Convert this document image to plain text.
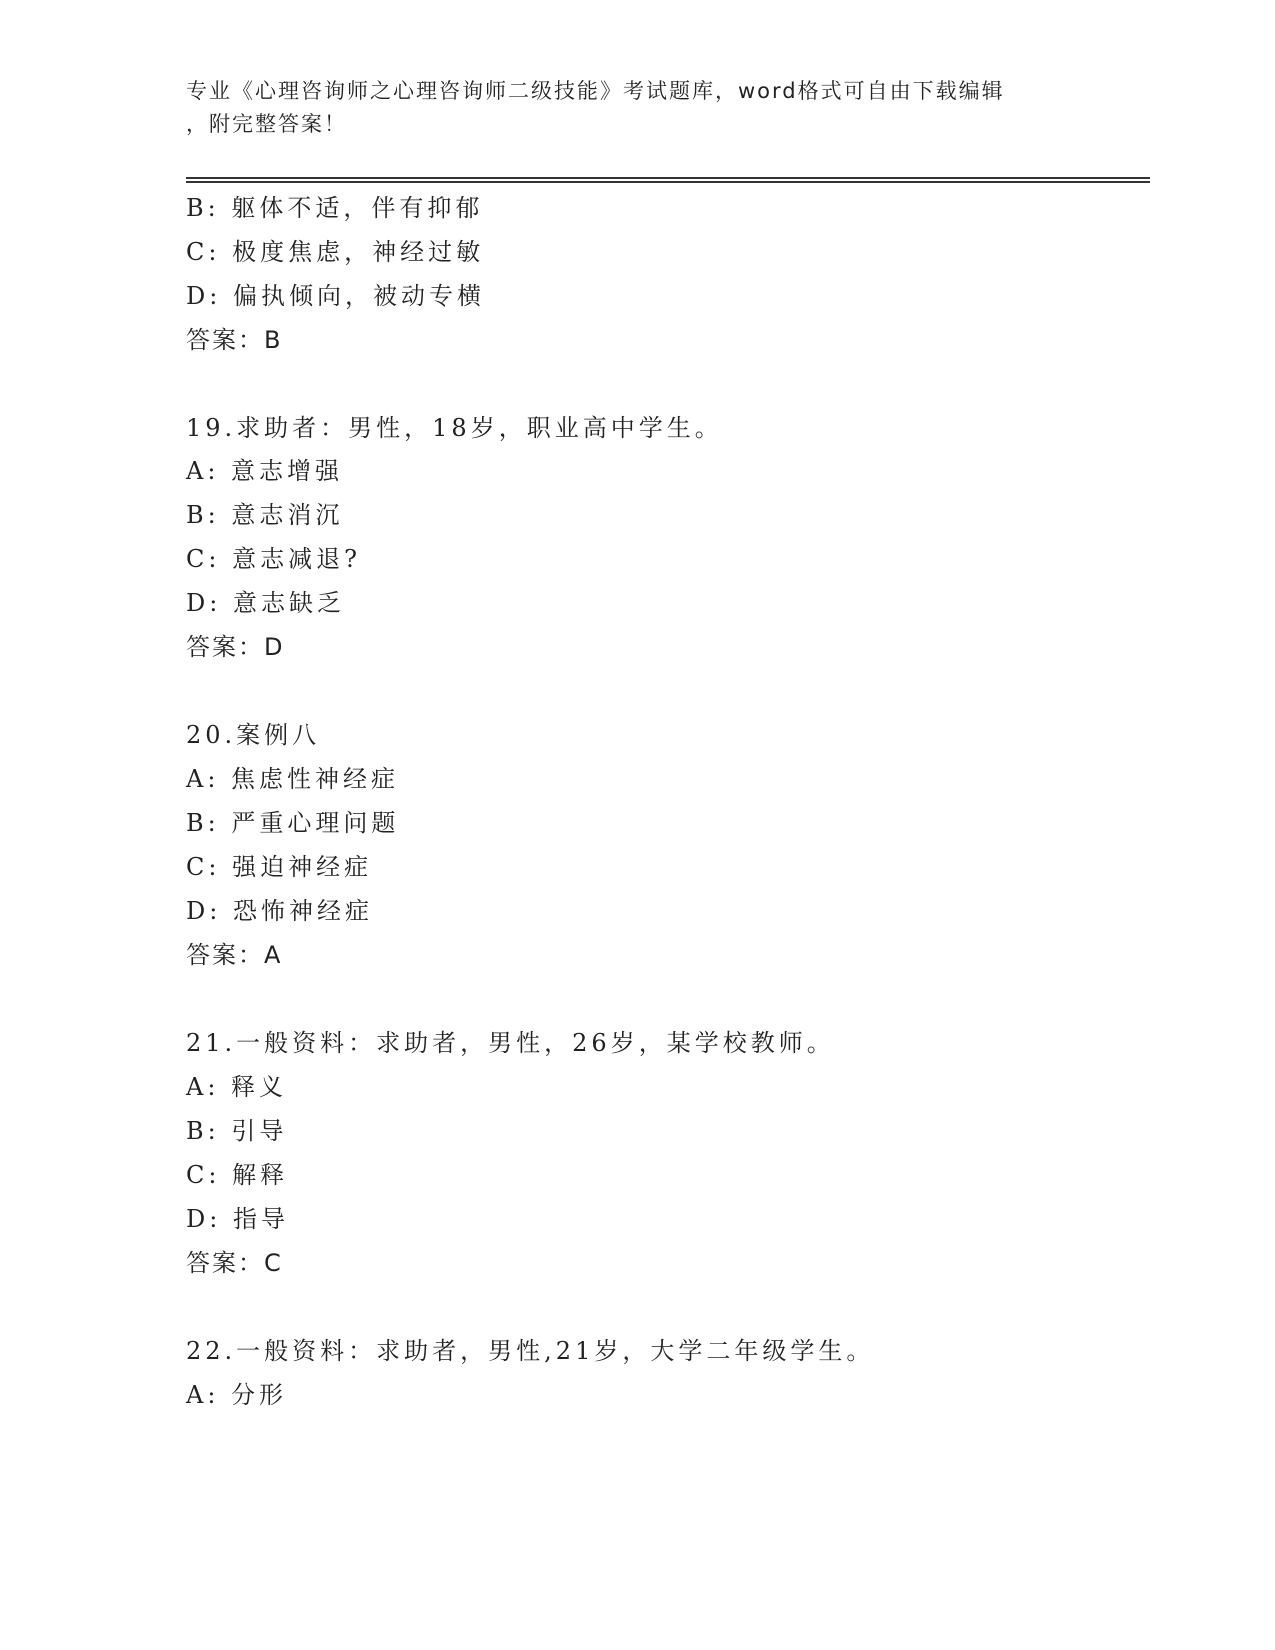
专业《心理咨询师之心理咨询师二级技能》考试题库，word格式可自由下载编辑
，附完整答案！
B: 躯体不适，伴有抑郁
C: 极度焦虑，神经过敏
D: 偏执倾向，被动专横
答案：B
19.求助者：男性，18岁，职业高中学生。
A: 意志增强
B: 意志消沉
C: 意志减退?
D: 意志缺乏
答案：D
20.案例八
A: 焦虑性神经症
B: 严重心理问题
C: 强迫神经症
D: 恐怖神经症
答案：A
21.一般资料：求助者，男性，26岁，某学校教师。
A: 释义
B: 引导
C: 解释
D: 指导
答案：C
22.一般资料：求助者，男性,21岁，大学二年级学生。
A: 分形
